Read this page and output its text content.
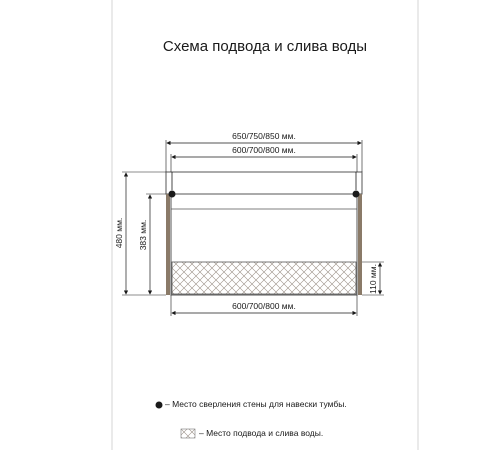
650/750/850 мм.
600/700/800 мм.
600/700/800 мм.
480 мм. 383 мм.
110 мм.
Схема подвода и слива воды
– Место сверления стены для навески тумбы.
– Место подвода и слива воды.
